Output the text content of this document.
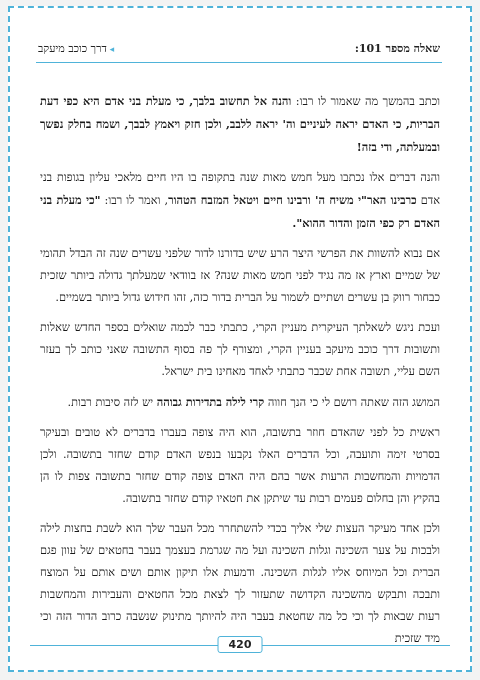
שאלה מספר 101:
◂ דרך כוכב מיעקב

וכתב בהמשך מה שאמור לו רבו: והנה אל תחשוב בלבך, כי מעלת בני אדם היא כפי דעת הבריות, כי האדם יראה לעיניים וה' יראה ללבב, ולכן חזק ויאמץ לבבך, ושמח בחלק נפשך ובמעלתה, ודי בזה!

והנה דברים אלו נכתבו מעל חמש מאות שנה בתקופה בו היו חיים מלאכי עליון בגופות בני אדם כרבינו האר"י משיח ה' ורבינו חיים ויטאל המזבח הטהור, ואמר לו רבו: "כי מעלת בני האדם רק כפי הזמן והדור ההוא".

אם נבוא להשוות את הפרשי היצר הרע שיש בדורנו לדור שלפני עשרים שנה זה הבדל תהומי של שמיים וארץ אז מה נגיד לפני חמש מאות שנה? אז בוודאי שמעלתך גדולה ביותר שזכית כבחור רווק בן עשרים ושתיים לשמור על הברית בדור כזה, זהו חידוש גדול ביותר בשמיים.

ועכת ניגש לשאלתך העיקרית מעניין הקרי, כתבתי כבר לכמה שואלים בספר החדש שאלות ותשובות דרך כוכב מיעקב בעניין הקרי, ומצורף לך פה בסוף התשובה שאני כותב לך בעזר השם עליי, תשובה אחת שכבר כתבתי לאחד מאחינו בית ישראל.

המושג הזה שאתה רושם לי כי הנך חווה קרי לילה בתדירות גבוהה יש לזה סיבות רבות.

ראשית כל לפני שהאדם חוזר בתשובה, הוא היה צופה בעברו בדברים לא טובים ובעיקר בסרטי זימה ותועבה, וכל הדברים האלו נקבעו בנפש האדם קודם שחזר בתשובה. ולכן הדמויות והמחשבות הרעות אשר בהם היה האדם צופה קודם שחזר בתשובה צפות לו הן בהקיץ והן בחלום פעמים רבות עד שיתקן את חטאיו קודם שחזר בתשובה.

ולכן אחד מעיקר העצות שלי אליך בכדי להשתחרר מכל העבר שלך הוא לשבת בחצות לילה ולבכות על צער השכינה וגלות השכינה ועל מה שגרמת בעצמך בעבר בחטאים של עוון פגם הברית וכל המיוחס אליו לגלות השכינה. ודמעות אלו תיקון אותם ושים אותם על המוצח ותבכה ותבקש מהשכינה הקדושה שתעזור לך לצאת מכל החטאים והעבירות והמחשבות רעות שבאות לך וכי כל מה שחטאת בעבר היה להיותך מתינוק שנשבה כרוב הדור הזה וכי מיד שזכית

420
